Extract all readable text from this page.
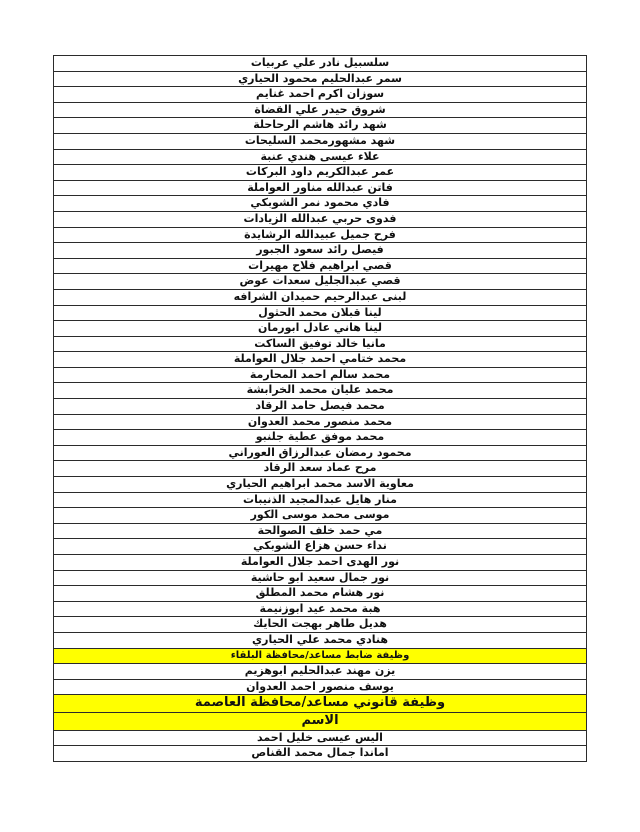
سلسبيل نادر علي عربيات
سمر عبدالحليم محمود الحياري
سوزان اكرم احمد غنايم
شروق حيدر علي القضاة
شهد رائد هاشم الرحاحلة
شهد مشهورمحمد السليحات
علاء عيسى هندي عنبة
عمر عبدالكريم داود البركات
فاتن عبدالله مناور العواملة
فادي محمود نمر الشوبكي
فدوى حربي عبدالله الزيادات
فرح جميل عبيدالله الرشايدة
فيصل رائد سعود الجبور
قصي ابراهيم فلاح مهيرات
قصي عبدالجليل سعدات عوض
لبنى عبدالرحيم حميدان الشرافه
لينا قبلان محمد الحثول
لينا هاني عادل ابورمان
مانيا خالد توفيق الساكت
محمد ختامي احمد جلال العواملة
محمد سالم احمد المحارمة
محمد عليان محمد الخرابشة
محمد فيصل حامد الرقاد
محمد منصور محمد العدوان
محمد موفق عطية جلنبو
محمود رمضان عبدالرزاق العوراني
مرح عماد سعد الرقاد
معاوية الاسد محمد ابراهيم الحياري
منار هايل عبدالمجيد الذنيبات
موسى محمد موسى الكور
مي حمد خلف الصوالحة
نداء حسن هزاع الشوبكي
نور الهدى احمد جلال العواملة
نور جمال سعيد ابو حاشية
نور هشام محمد المطلق
هبة محمد عيد ابوزنيمة
هديل طاهر بهجت الحايك
هنادي محمد علي الحياري
وظيفة ضابط مساعد/محافظة البلقاء
يزن مهند عبدالحليم ابوهزيم
يوسف منصور احمد العدوان
وظيفة قانوني مساعد/محافظة العاصمة
الاسم
اليس عيسى خليل احمد
اماندا جمال محمد القناص
